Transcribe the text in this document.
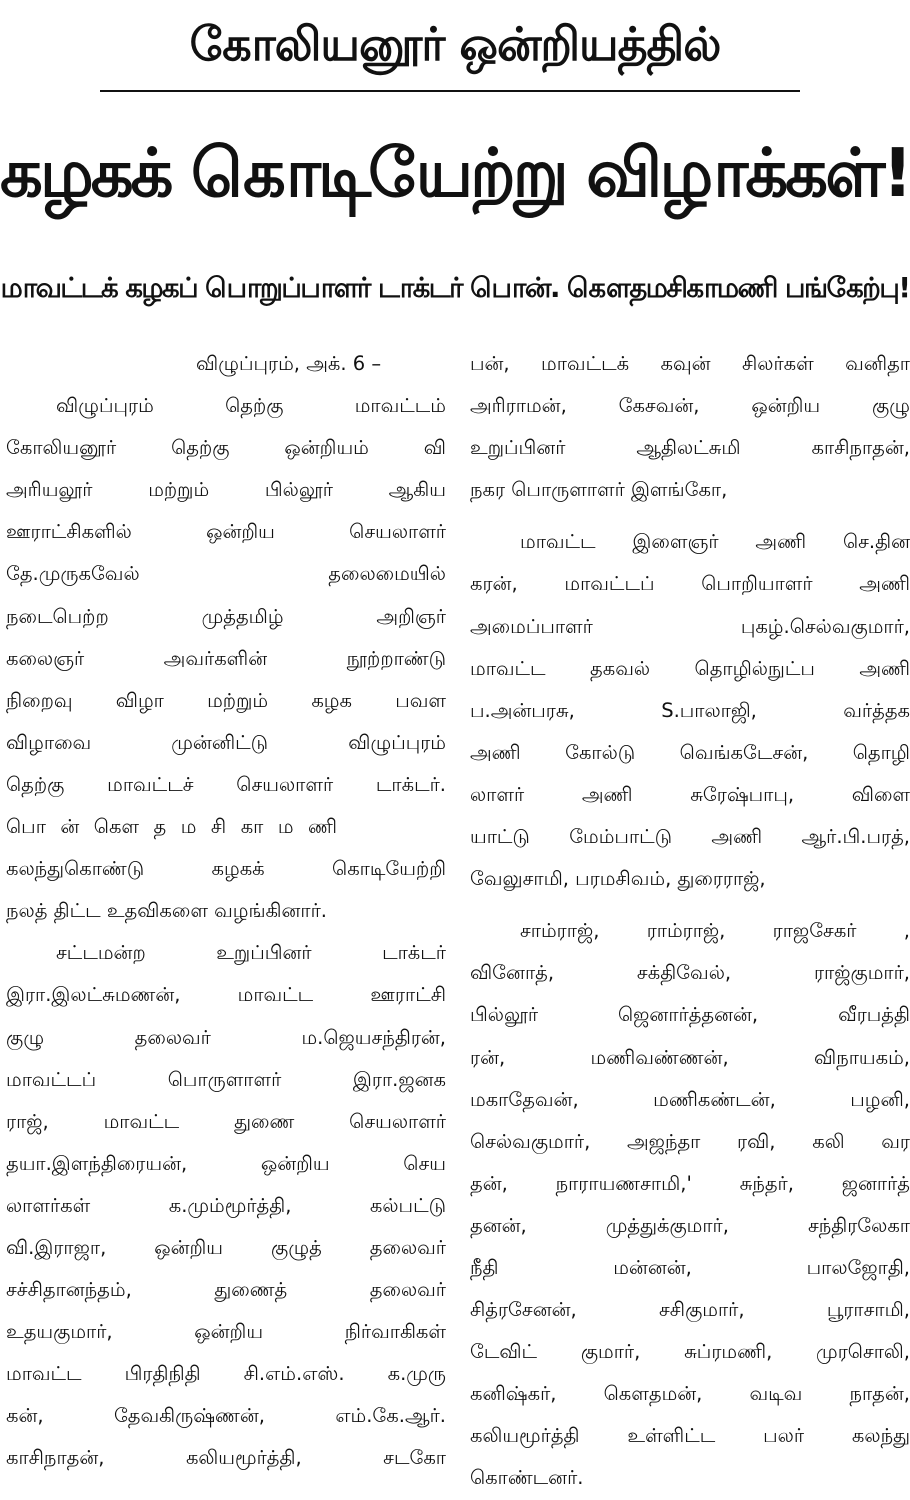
கோலியனூர் ஒன்றியத்தில்
கழகக் கொடியேற்று விழாக்கள்!
மாவட்டக் கழகப் பொறுப்பாளர் டாக்டர் பொன். கௌதமசிகாமணி பங்கேற்பு!
விழுப்புரம், அக். 6 –
விழுப்புரம் தெற்கு மாவட்டம்
கோலியனூர் தெற்கு ஒன்றியம் வி
அரியலூர் மற்றும் பில்லூர் ஆகிய
ஊராட்சிகளில் ஒன்றிய செயலாளர்
தே.முருகவேல் தலைமையில்
நடைபெற்ற முத்தமிழ் அறிஞர்
கலைஞர் அவர்களின் நூற்றாண்டு
நிறைவு விழா மற்றும் கழக பவள
விழாவை முன்னிட்டு விழுப்புரம்
தெற்கு மாவட்டச் செயலாளர் டாக்டர்.
பொன்கௌதமசிகாமணி
கலந்துகொண்டு கழகக் கொடியேற்றி
நலத் திட்ட உதவிகளை வழங்கினார்.
சட்டமன்ற உறுப்பினர் டாக்டர்
இரா.இலட்சுமணன், மாவட்ட ஊராட்சி
குழு தலைவர் ம.ஜெயசந்திரன்,
மாவட்டப் பொருளாளர் இரா.ஜனக
ராஜ், மாவட்ட துணை செயலாளர்
தயா.இளந்திரையன், ஒன்றிய செய
லாளர்கள் க.மும்மூர்த்தி, கல்பட்டு
வி.இராஜா, ஒன்றிய குழுத் தலைவர்
சச்சிதானந்தம், துணைத் தலைவர்
உதயகுமார், ஒன்றிய நிர்வாகிகள்
மாவட்ட பிரதிநிதி சி.எம்.எஸ். க.முரு
கன், தேவகிருஷ்ணன், எம்.கே.ஆர்.
காசிநாதன், கலியமூர்த்தி, சடகோ
பன், மாவட்டக் கவுன் சிலர்கள் வனிதா
அரிராமன், கேசவன், ஒன்றிய குழு
உறுப்பினர் ஆதிலட்சுமி காசிநாதன்,
நகர பொருளாளர் இளங்கோ,
மாவட்ட இளைஞர் அணி செ.தின
கரன், மாவட்டப் பொறியாளர் அணி
அமைப்பாளர் புகழ்.செல்வகுமார்,
மாவட்ட தகவல் தொழில்நுட்ப அணி
ப.அன்பரசு, S.பாலாஜி, வர்த்தக
அணி கோல்டு வெங்கடேசன், தொழி
லாளர் அணி சுரேஷ்பாபு, விளை
யாட்டு மேம்பாட்டு அணி ஆர்.பி.பரத்,
வேலுசாமி, பரமசிவம், துரைராஜ்,
சாம்ராஜ், ராம்ராஜ், ராஜசேகர் ,
வினோத், சக்திவேல், ராஜ்குமார்,
பில்லூர் ஜெனார்த்தனன், வீரபத்தி
ரன், மணிவண்ணன், விநாயகம்,
மகாதேவன், மணிகண்டன், பழனி,
செல்வகுமார், அஜந்தா ரவி, கலி வர
தன், நாராயணசாமி,' சுந்தர், ஜனார்த்
தனன், முத்துக்குமார், சந்திரலேகா
நீதி மன்னன், பாலஜோதி,
சித்ரசேனன், சசிகுமார், பூராசாமி,
டேவிட் குமார், சுப்ரமணி, முரசொலி,
கனிஷ்கர், கௌதமன், வடிவ நாதன்,
கலியமூர்த்தி உள்ளிட்ட பலர் கலந்து
கொண்டனர்.
